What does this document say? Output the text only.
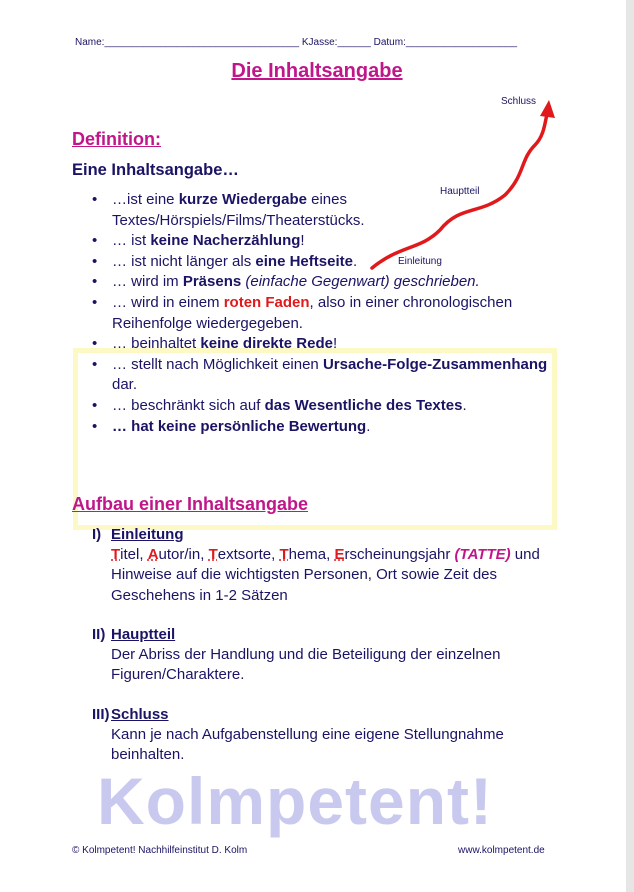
Name:___________________________________ KJasse:______ Datum:____________________
Die Inhaltsangabe
Kolmpetent!
Schluss
Hauptteil
Einleitung
Definition:
Eine Inhaltsangabe…
• …ist eine kurze Wiedergabe eines Textes/Hörspiels/Films/Theaterstücks.
• … ist keine Nacherzählung!
• … ist nicht länger als eine Heftseite.
• … wird im Präsens (einfache Gegenwart) geschrieben.
• … wird in einem roten Faden, also in einer chronologischen Reihenfolge wiedergegeben.
• … beinhaltet keine direkte Rede!
• … stellt nach Möglichkeit einen Ursache-Folge-Zusammenhang dar.
• … beschränkt sich auf das Wesentliche des Textes.
• … hat keine persönliche Bewertung.
Aufbau einer Inhaltsangabe
I) Einleitung
Titel, Autor/in, Textsorte, Thema, Erscheinungsjahr (TATTE) und Hinweise auf die wichtigsten Personen, Ort sowie Zeit des Geschehens in 1-2 Sätzen
II) Hauptteil
Der Abriss der Handlung und die Beteiligung der einzelnen Figuren/Charaktere.
III) Schluss
Kann je nach Aufgabenstellung eine eigene Stellungnahme beinhalten.
© Kolmpetent! Nachhilfeinstitut D. Kolm	www.kolmpetent.de
